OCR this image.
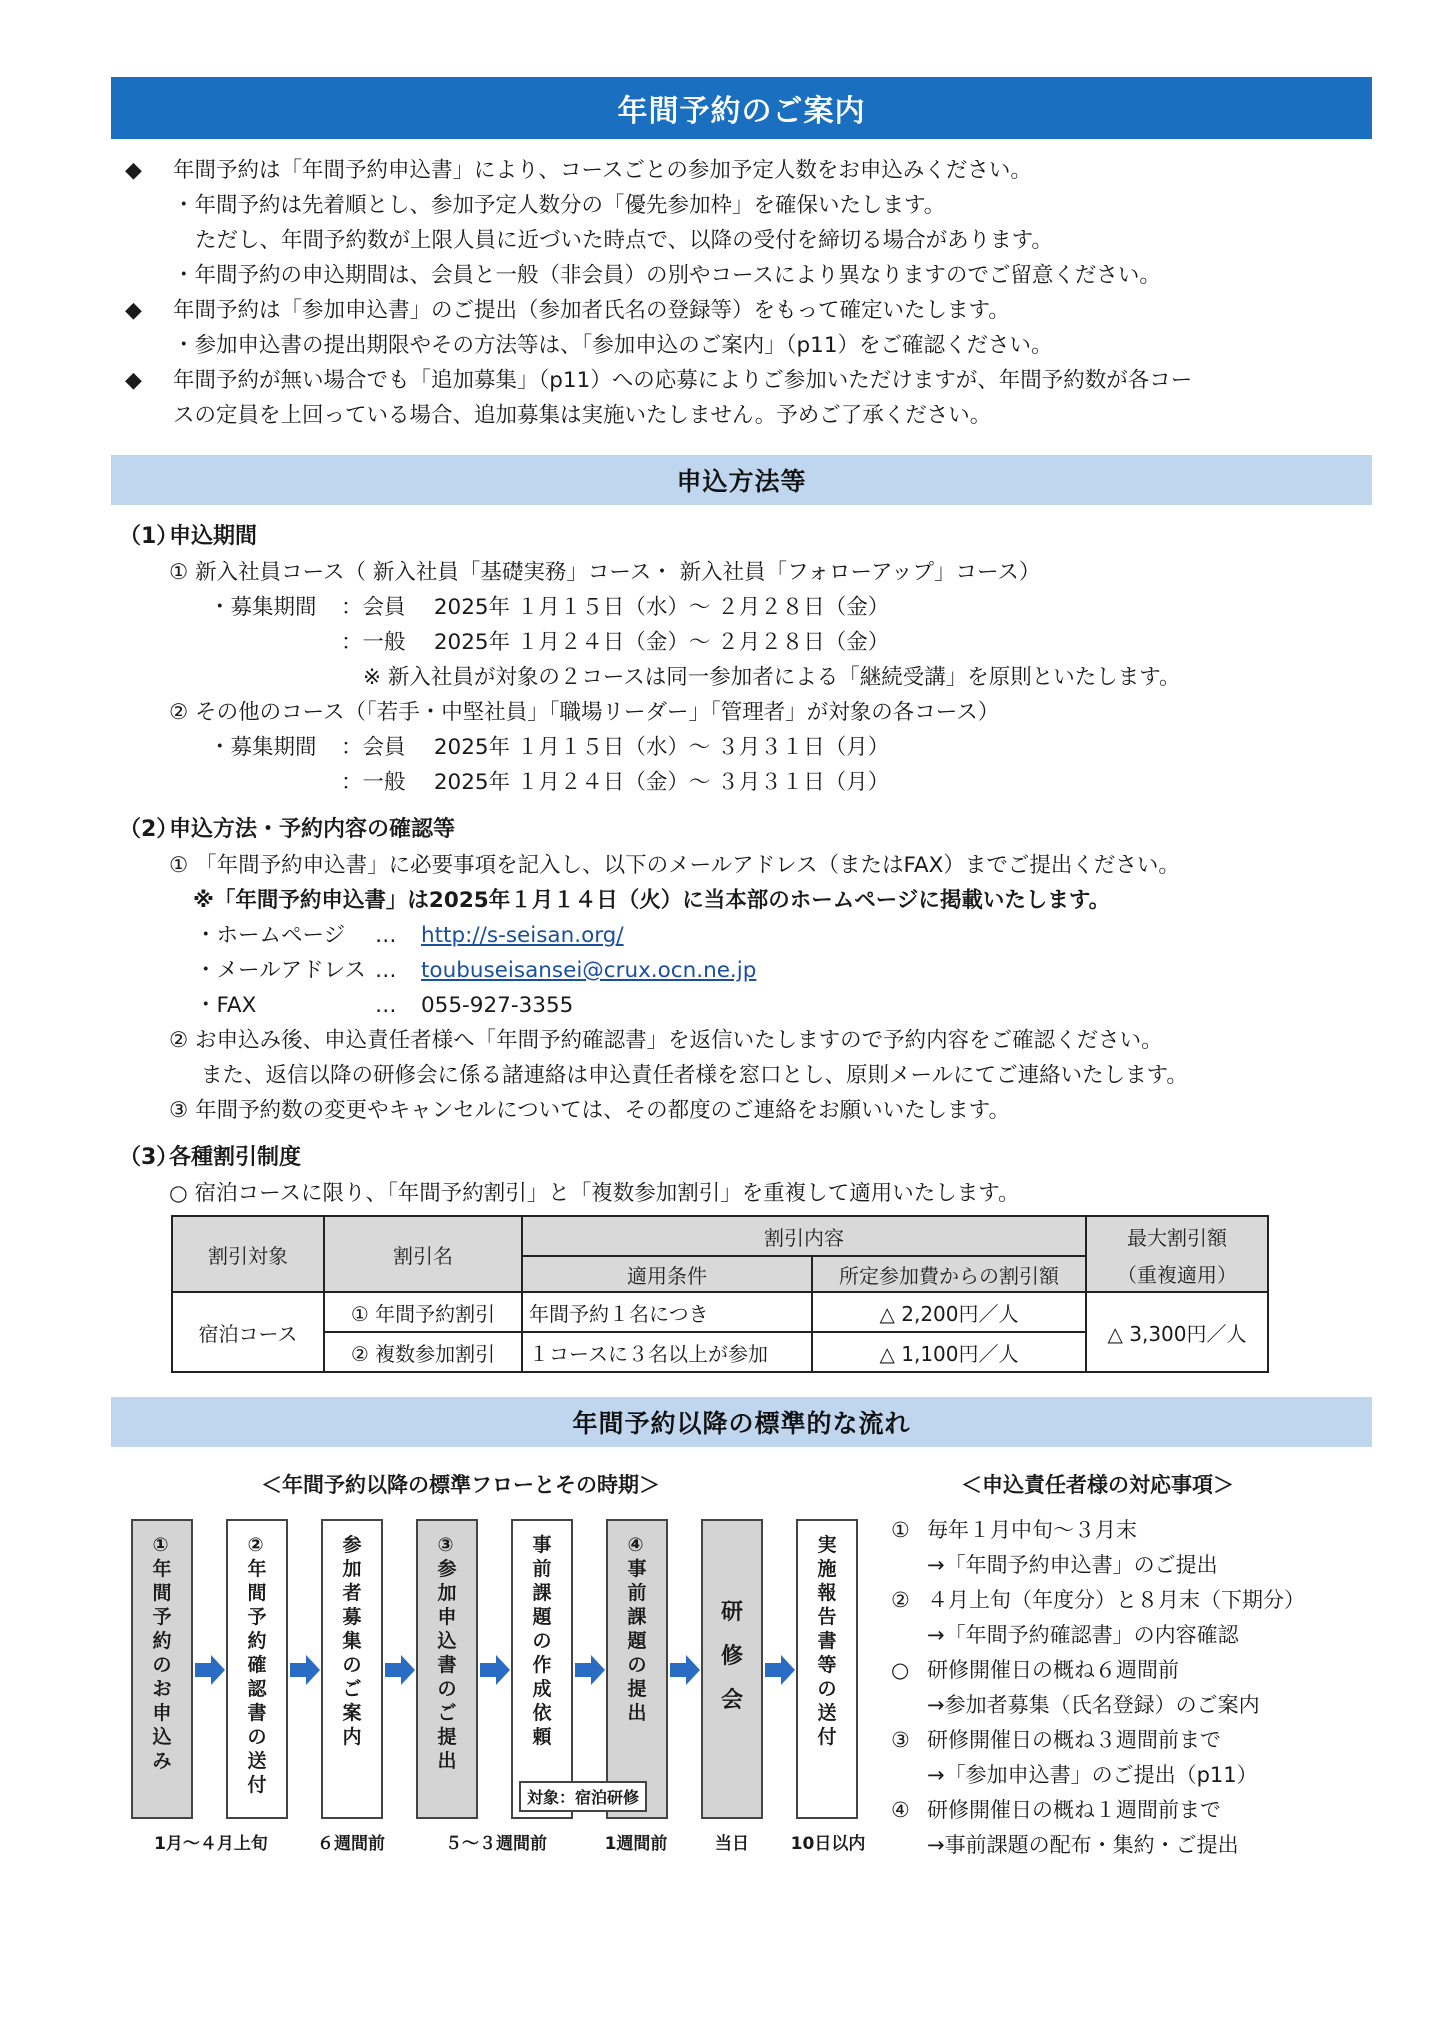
年間予約のご案内
◆ 年間予約は「年間予約申込書」により、コースごとの参加予定人数をお申込みください。
・年間予約は先着順とし、参加予定人数分の「優先参加枠」を確保いたします。
ただし、年間予約数が上限人員に近づいた時点で、以降の受付を締切る場合があります。
・年間予約の申込期間は、会員と一般（非会員）の別やコースにより異なりますのでご留意ください。
◆ 年間予約は「参加申込書」のご提出（参加者氏名の登録等）をもって確定いたします。
・参加申込書の提出期限やその方法等は、「参加申込のご案内」（p11）をご確認ください。
◆ 年間予約が無い場合でも「追加募集」（p11）への応募によりご参加いただけますが、年間予約数が各コー
スの定員を上回っている場合、追加募集は実施いたしません。予めご了承ください。
申込方法等
（1）申込期間
① 新入社員コース（ 新入社員「基礎実務」コース・ 新入社員「フォローアップ」コース）
・募集期間 ：会員　 2025年 １月１５日（水）～ ２月２８日（金）
：一般　 2025年 １月２４日（金）～ ２月２８日（金）
※ 新入社員が対象の２コースは同一参加者による「継続受講」を原則といたします。
② その他のコース（「若手・中堅社員」「職場リーダー」「管理者」が対象の各コース）
・募集期間 ：会員　 2025年 １月１５日（水）～ ３月３１日（月）
：一般　 2025年 １月２４日（金）～ ３月３１日（月）
（2）申込方法・予約内容の確認等
① 「年間予約申込書」に必要事項を記入し、以下のメールアドレス（またはFAX）までご提出ください。
※「年間予約申込書」は2025年１月１４日（火）に当本部のホームページに掲載いたします。
・ホームページ … http://s-seisan.org/
・メールアドレス … toubuseisansei@crux.ocn.ne.jp
・FAX	… 055-927-3355
② お申込み後、申込責任者様へ「年間予約確認書」を返信いたしますので予約内容をご確認ください。
また、返信以降の研修会に係る諸連絡は申込責任者様を窓口とし、原則メールにてご連絡いたします。
③ 年間予約数の変更やキャンセルについては、その都度のご連絡をお願いいたします。
（3）各種割引制度
○ 宿泊コースに限り、「年間予約割引」と「複数参加割引」を重複して適用いたします。
割引対象	割引名	割引内容		最大割引額
		適用条件	所定参加費からの割引額	（重複適用）
宿泊コース	① 年間予約割引	年間予約１名につき	△ 2,200円／人	△ 3,300円／人
	② 複数参加割引	１コースに３名以上が参加	△ 1,100円／人	
年間予約以降の標準的な流れ
＜年間予約以降の標準フローとその時期＞	＜申込責任者様の対応事項＞
①
年
間
予
約
の
お
申
込
み
②
年
間
予
約
確
認
書
の
送
付
参
加
者
募
集
の
ご
案
内
③
参
加
申
込
書
の
ご
提
出
事
前
課
題
の
作
成
依
頼
④
事
前
課
題
の
提
出
研
修
会
実
施
報
告
書
等
の
送
付
対象：宿泊研修
1月～４月上旬	６週間前	５～３週間前	1週間前	当日	10日以内
① 毎年１月中旬～３月末
→「年間予約申込書」のご提出
② ４月上旬（年度分）と８月末（下期分）
→「年間予約確認書」の内容確認
○ 研修開催日の概ね６週間前
→参加者募集（氏名登録）のご案内
③ 研修開催日の概ね３週間前まで
→「参加申込書」のご提出（p11）
④ 研修開催日の概ね１週間前まで
→事前課題の配布・集約・ご提出
